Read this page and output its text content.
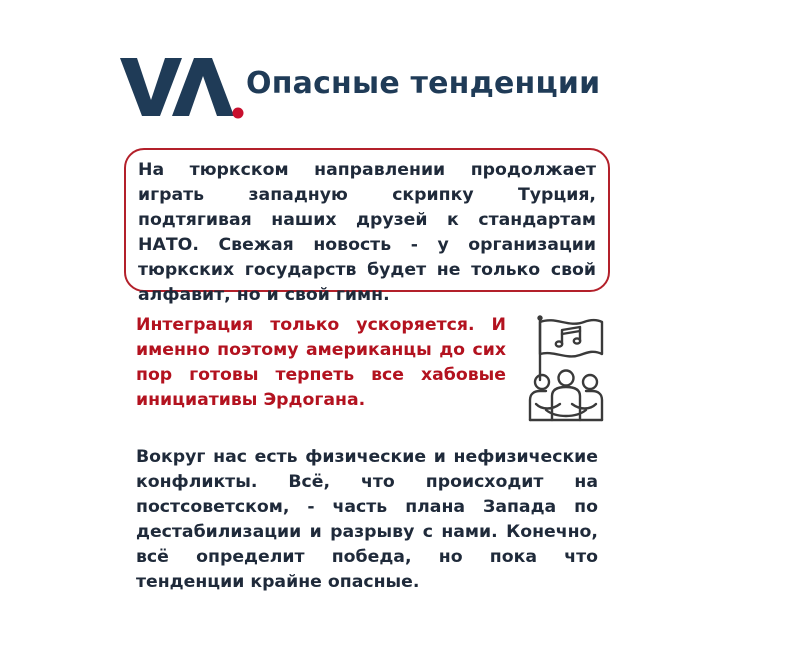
Опасные тенденции

На тюркском направлении продолжает играть западную скрипку Турция, подтягивая наших друзей к стандартам НАТО. Свежая новость - у организации тюркских государств будет не только свой алфавит, но и свой гимн.

Интеграция только ускоряется. И именно поэтому американцы до сих пор готовы терпеть все хабовые инициативы Эрдогана.

Вокруг нас есть физические и нефизические конфликты. Всё, что происходит на постсоветском, - часть плана Запада по дестабилизации и разрыву с нами. Конечно, всё определит победа, но пока что тенденции крайне опасные.
